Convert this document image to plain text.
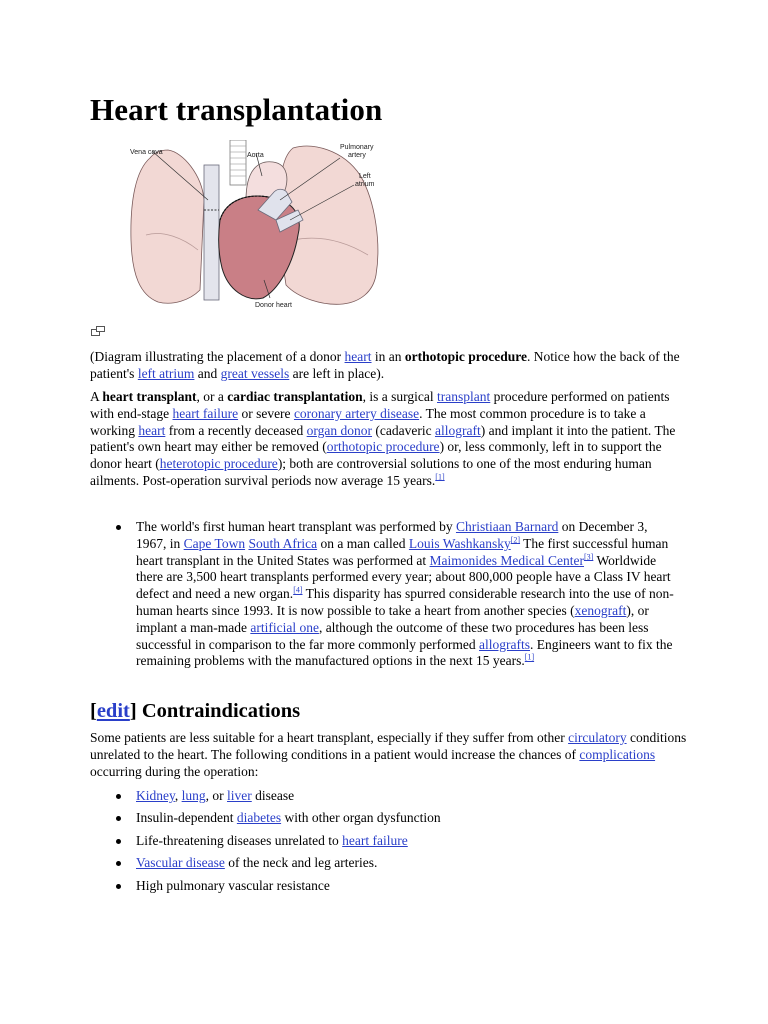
Heart transplantation
Vena cava	Aorta
Pulmonary
artery
Left
atrium
Donor heart

(Diagram illustrating the placement of a donor heart in an orthotopic procedure. Notice how the back of the patient's left atrium and great vessels are left in place).

A heart transplant, or a cardiac transplantation, is a surgical transplant procedure performed on patients with end-stage heart failure or severe coronary artery disease. The most common procedure is to take a working heart from a recently deceased organ donor (cadaveric allograft) and implant it into the patient. The patient's own heart may either be removed (orthotopic procedure) or, less commonly, left in to support the donor heart (heterotopic procedure); both are controversial solutions to one of the most enduring human ailments. Post-operation survival periods now average 15 years.[1]

The world's first human heart transplant was performed by Christiaan Barnard on December 3, 1967, in Cape Town South Africa on a man called Louis Washkansky[2] The first successful human heart transplant in the United States was performed at Maimonides Medical Center[3] Worldwide there are 3,500 heart transplants performed every year; about 800,000 people have a Class IV heart defect and need a new organ.[4] This disparity has spurred considerable research into the use of non-human hearts since 1993. It is now possible to take a heart from another species (xenograft), or implant a man-made artificial one, although the outcome of these two procedures has been less successful in comparison to the far more commonly performed allografts. Engineers want to fix the remaining problems with the manufactured options in the next 15 years.[1]
[edit] Contraindications

Some patients are less suitable for a heart transplant, especially if they suffer from other circulatory conditions unrelated to the heart. The following conditions in a patient would increase the chances of complications occurring during the operation:

Kidney, lung, or liver disease
Insulin-dependent diabetes with other organ dysfunction
Life-threatening diseases unrelated to heart failure
Vascular disease of the neck and leg arteries.
High pulmonary vascular resistance
